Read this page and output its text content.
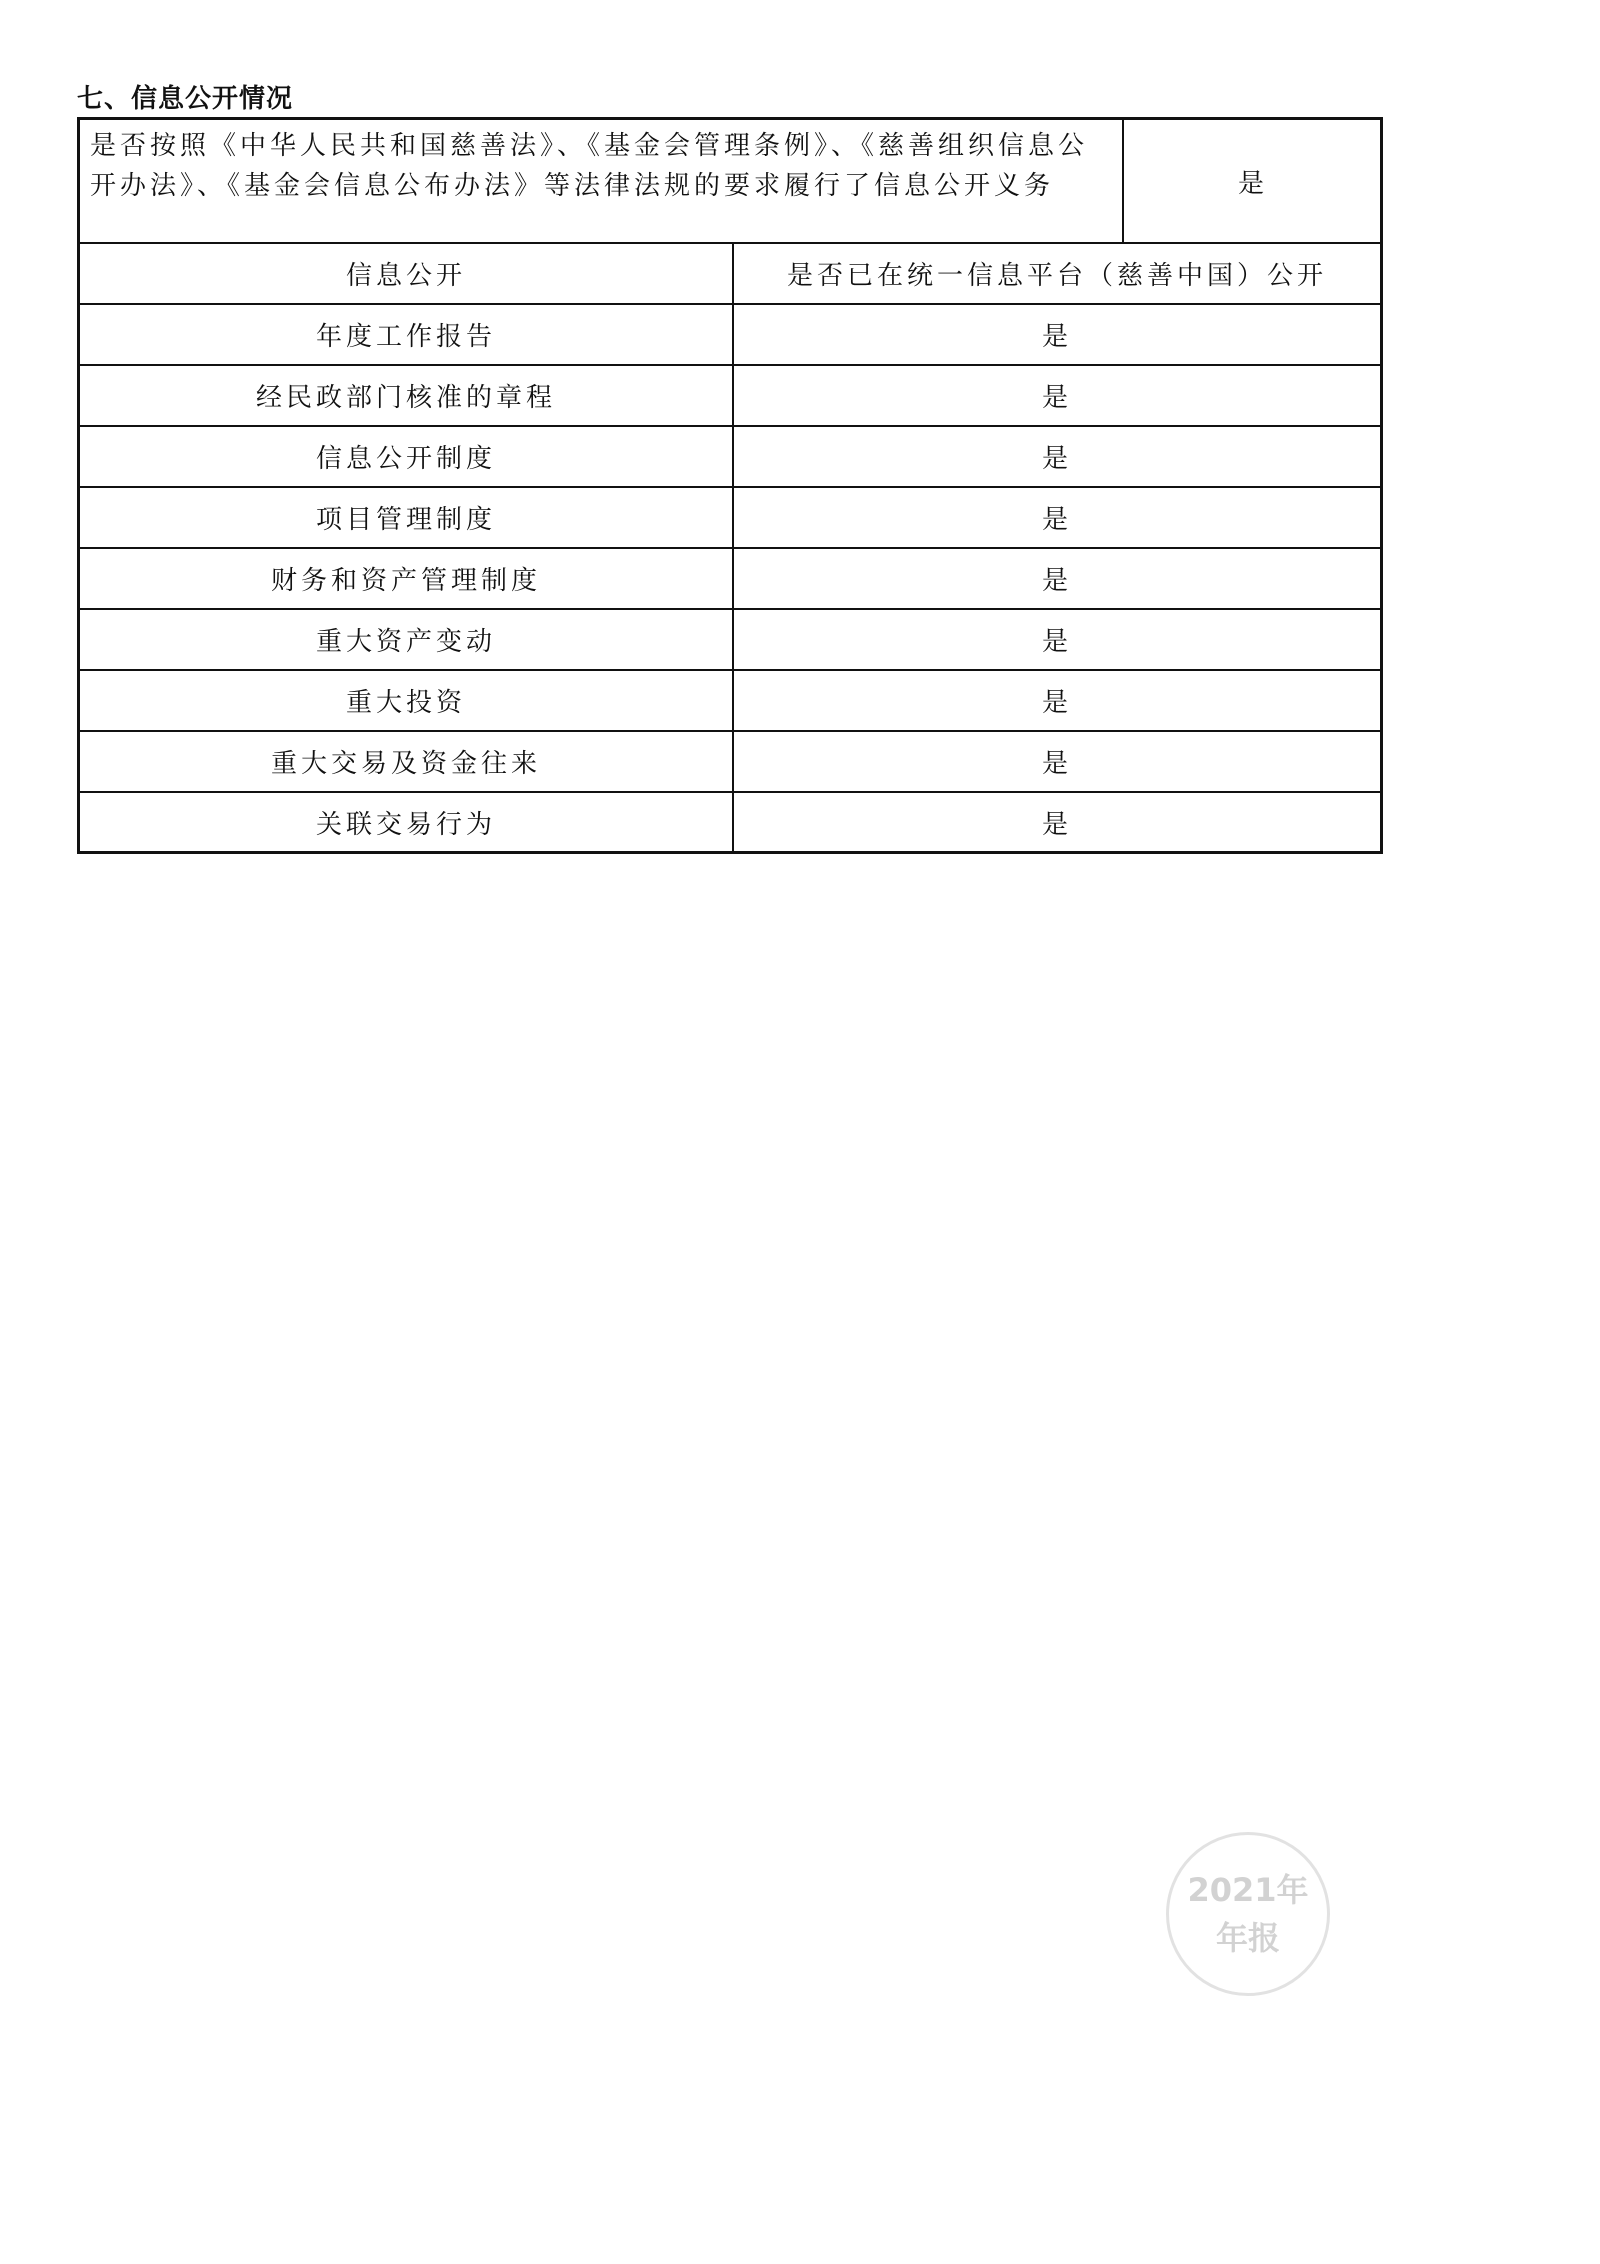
七、信息公开情况
是否按照《中华人民共和国慈善法》、《基金会管理条例》、《慈善组织信息公开办法》、《基金会信息公布办法》等法律法规的要求履行了信息公开义务	是
信息公开	是否已在统一信息平台（慈善中国）公开
年度工作报告	是
经民政部门核准的章程	是
信息公开制度	是
项目管理制度	是
财务和资产管理制度	是
重大资产变动	是
重大投资	是
重大交易及资金往来	是
关联交易行为	是
2021年
年报
